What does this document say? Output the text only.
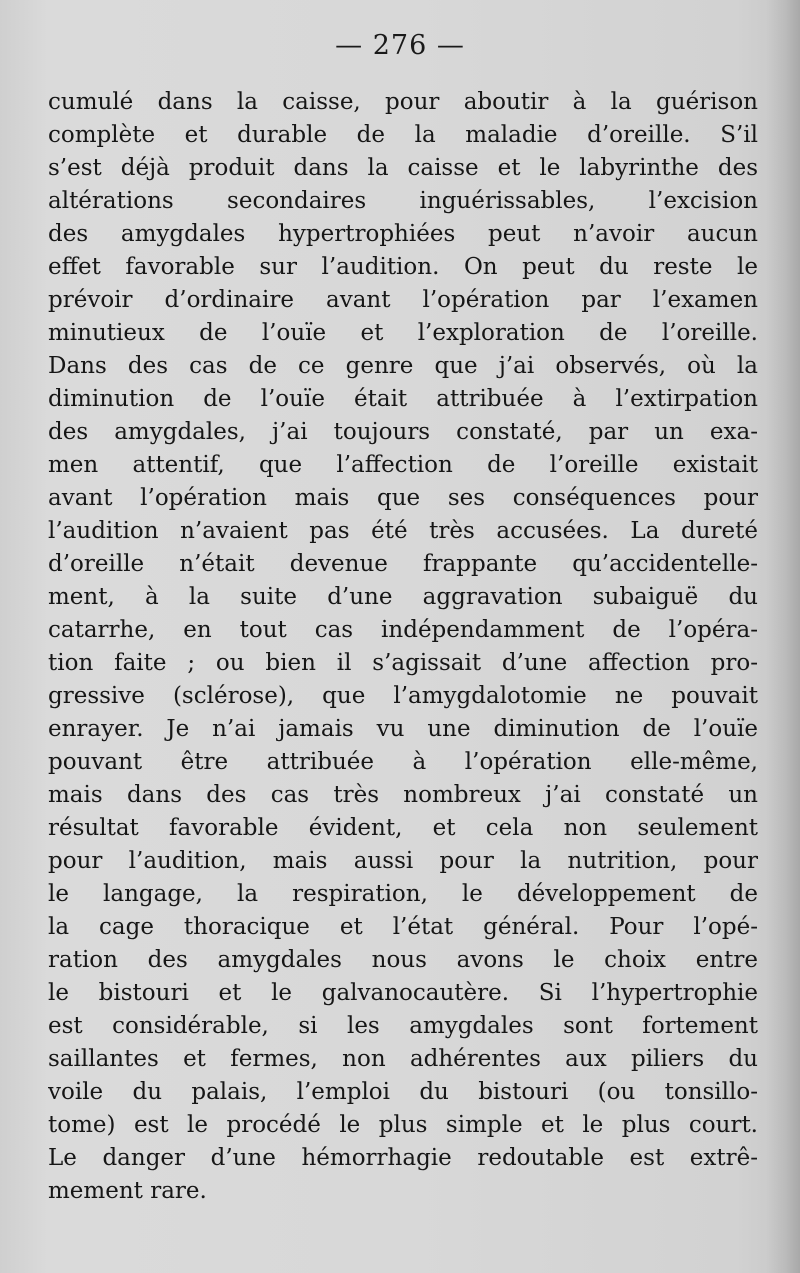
— 276 —
cumulé dans la caisse, pour aboutir à la guérison
complète et durable de la maladie d’oreille. S’il
s’est déjà produit dans la caisse et le labyrinthe des
altérations secondaires inguérissables, l’excision
des amygdales hypertrophiées peut n’avoir aucun
effet favorable sur l’audition. On peut du reste le
prévoir d’ordinaire avant l’opération par l’examen
minutieux de l’ouïe et l’exploration de l’oreille.
Dans des cas de ce genre que j’ai observés, où la
diminution de l’ouïe était attribuée à l’extirpation
des amygdales, j’ai toujours constaté, par un exa-
men attentif, que l’affection de l’oreille existait
avant l’opération mais que ses conséquences pour
l’audition n’avaient pas été très accusées. La dureté
d’oreille n’était devenue frappante qu’accidentelle-
ment, à la suite d’une aggravation subaiguë du
catarrhe, en tout cas indépendamment de l’opéra-
tion faite ; ou bien il s’agissait d’une affection pro-
gressive (sclérose), que l’amygdalotomie ne pouvait
enrayer. Je n’ai jamais vu une diminution de l’ouïe
pouvant être attribuée à l’opération elle-même,
mais dans des cas très nombreux j’ai constaté un
résultat favorable évident, et cela non seulement
pour l’audition, mais aussi pour la nutrition, pour
le langage, la respiration, le développement de
la cage thoracique et l’état général. Pour l’opé-
ration des amygdales nous avons le choix entre
le bistouri et le galvanocautère. Si l’hypertrophie
est considérable, si les amygdales sont fortement
saillantes et fermes, non adhérentes aux piliers du
voile du palais, l’emploi du bistouri (ou tonsillo-
tome) est le procédé le plus simple et le plus court.
Le danger d’une hémorrhagie redoutable est extrê-
mement rare.
